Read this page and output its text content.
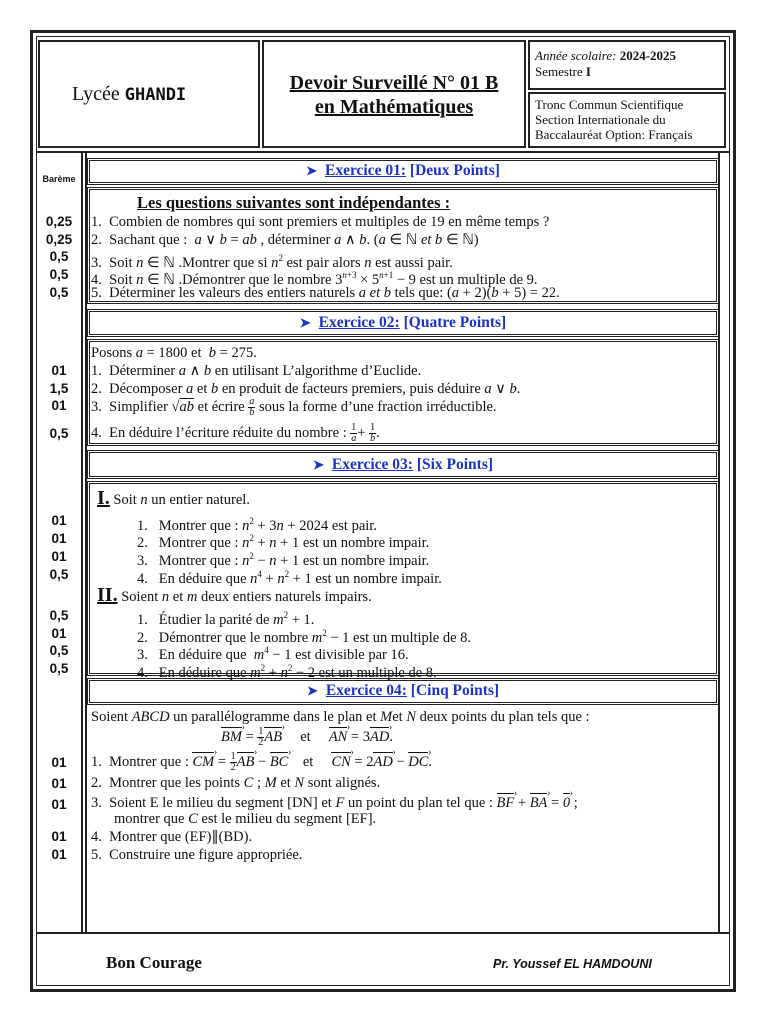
Lycée GHANDI
Devoir Surveillé N° 01 B
en Mathématiques
Année scolaire: 2024-2025
Semestre I
Tronc Commun Scientifique
Section Internationale du
Baccalauréat Option: Français
Barème
➤ Exercice 01: [Deux Points]
Les questions suivantes sont indépendantes :
1.  Combien de nombres qui sont premiers et multiples de 19 en même temps ?
2.  Sachant que :  a ∨ b = ab , déterminer a ∧ b. (a ∈ ℕ et b ∈ ℕ)
3.  Soit n ∈ ℕ .Montrer que si $n^2$ est pair alors n est aussi pair.
4.  Soit n ∈ ℕ .Démontrer que le nombre $3^{n+3} \times 5^{n+1} - 9$ est un multiple de 9.
5.  Déterminer les valeurs des entiers naturels a et b tels que: (a + 2)(b + 5) = 22.
0,25
0,25
0,5
0,5
0,5
➤ Exercice 02: [Quatre Points]
Posons a = 1800 et  b = 275.
1.  Déterminer a ∧ b en utilisant L’algorithme d’Euclide.
2.  Décomposer a et b en produit de facteurs premiers, puis déduire a ∨ b.
3.  Simplifier √ab et écrire $\frac{a}{b}$ sous la forme d’une fraction irréductible.
4.  En déduire l’écriture réduite du nombre : $\frac{1}{a} + \frac{1}{b}$ .
01
1,5
01
0,5
➤ Exercice 03: [Six Points]
I. Soit n un entier naturel.
1.   Montrer que : $n^2 + 3n + 2024$ est pair.
2.   Montrer que : $n^2 + n + 1$ est un nombre impair.
3.   Montrer que : $n^2 - n + 1$ est un nombre impair.
4.   En déduire que $n^4 + n^2 + 1$ est un nombre impair.
II. Soient n et m deux entiers naturels impairs.
1.   Étudier la parité de $m^2 + 1$.
2.   Démontrer que le nombre $m^2 - 1$ est un multiple de 8.
3.   En déduire que  $m^4 - 1$ est divisible par 16.
4.   En déduire que $m^2 + n^2 - 2$ est un multiple de 8.
01
01
01
0,5
0,5
01
0,5
0,5
➤ Exercice 04: [Cinq Points]
Soient ABCD un parallélogramme dans le plan et Met N deux points du plan tels que :
BM › = $\frac{1}{2}$ AB ›     et     AN › = 3AD ›.
1.  Montrer que : CM › = $\frac{1}{2}$ AB › − BC ›    et     CN › = 2AD › − DC ›.
2.  Montrer que les points C ; M et N sont alignés.
3.  Soient E le milieu du segment [DN] et F un point du plan tel que : BF › + BA › = 0 › ;
montrer que C est le milieu du segment [EF].
4.  Montrer que (EF)∥(BD).
5.  Construire une figure appropriée.
01
01
01
01
01
Bon Courage	Pr. Youssef EL HAMDOUNI
